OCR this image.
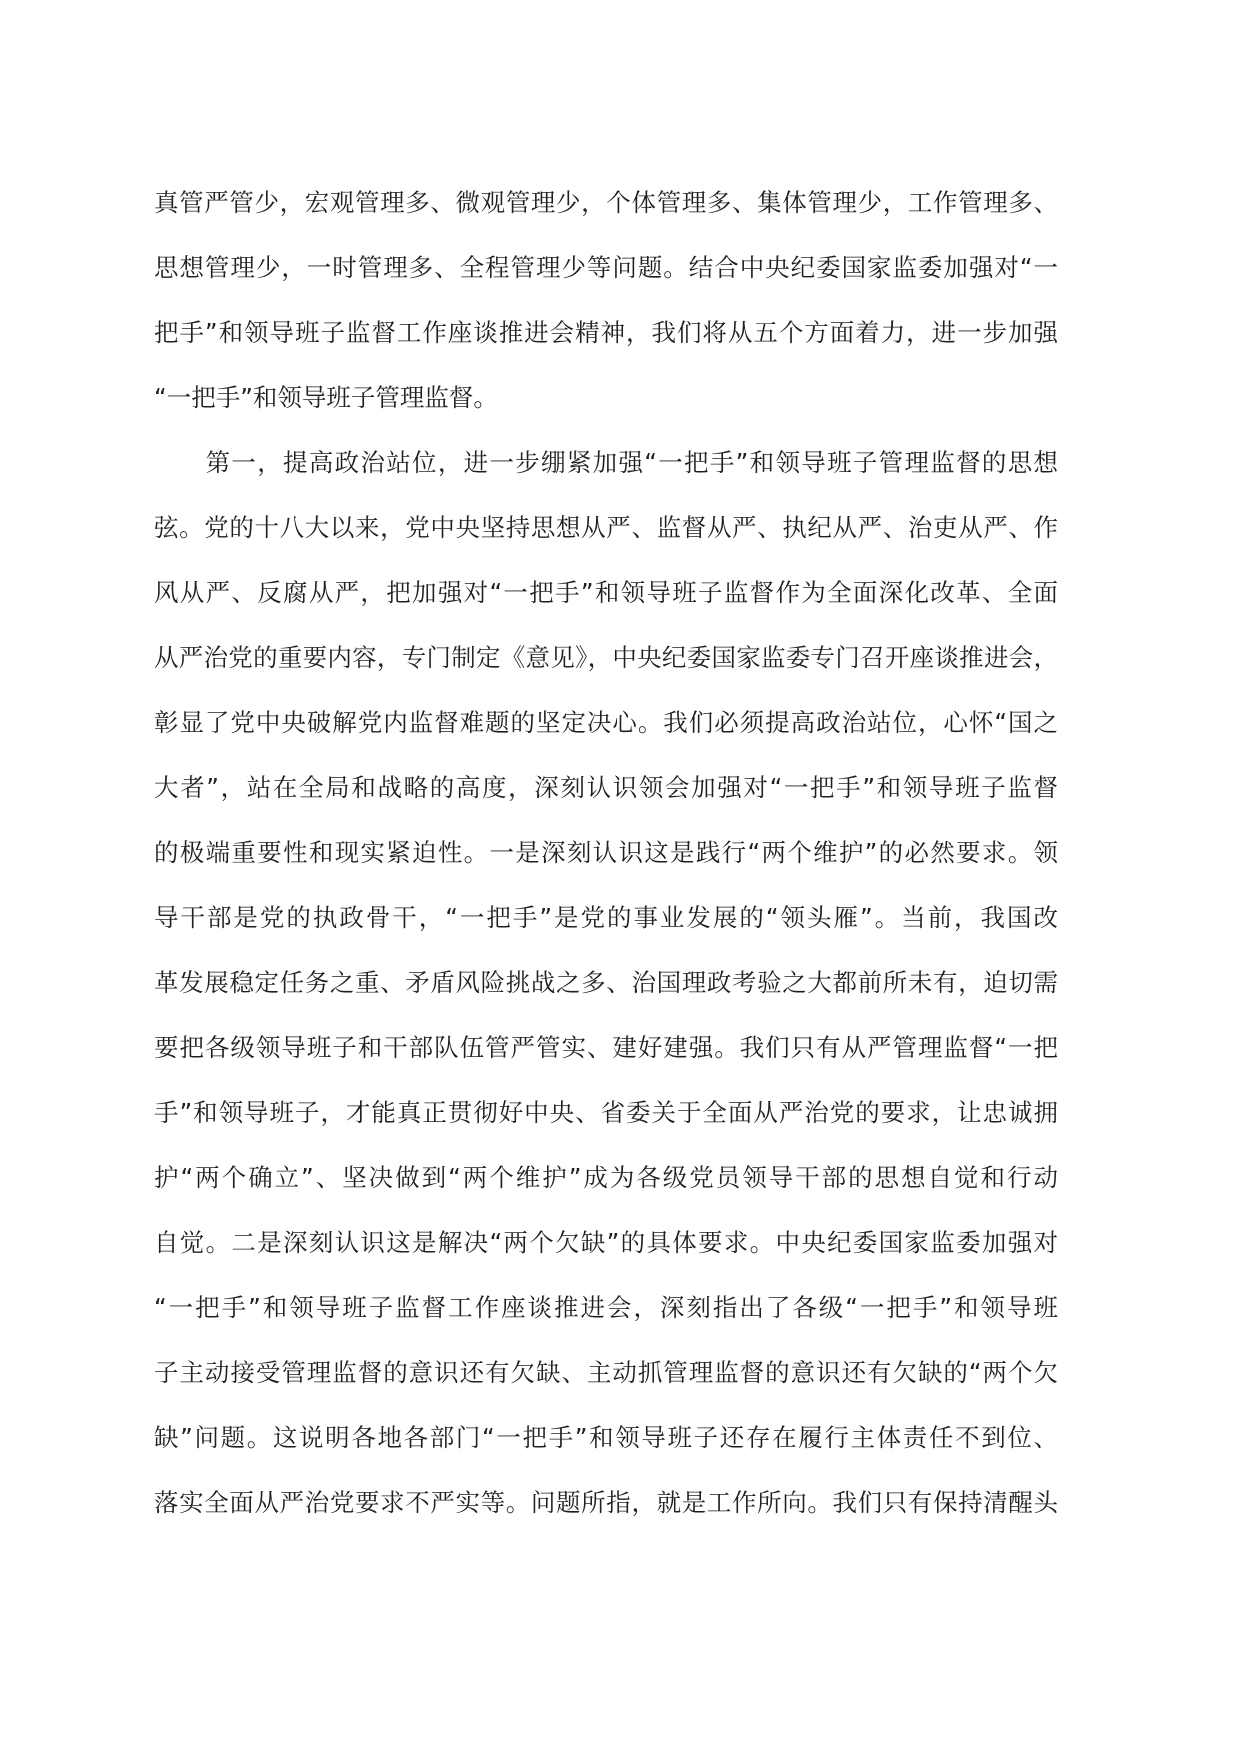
真管严管少，宏观管理多、微观管理少，个体管理多、集体管理少，工作管理多、
思想管理少，一时管理多、全程管理少等问题。结合中央纪委国家监委加强对“一
把手”和领导班子监督工作座谈推进会精神，我们将从五个方面着力，进一步加强
“一把手”和领导班子管理监督。
　　第一，提高政治站位，进一步绷紧加强“一把手”和领导班子管理监督的思想
弦。党的十八大以来，党中央坚持思想从严、监督从严、执纪从严、治吏从严、作
风从严、反腐从严，把加强对“一把手”和领导班子监督作为全面深化改革、全面
从严治党的重要内容，专门制定《意见》，中央纪委国家监委专门召开座谈推进会，
彰显了党中央破解党内监督难题的坚定决心。我们必须提高政治站位，心怀“国之
大者”，站在全局和战略的高度，深刻认识领会加强对“一把手”和领导班子监督
的极端重要性和现实紧迫性。一是深刻认识这是践行“两个维护”的必然要求。领
导干部是党的执政骨干，“一把手”是党的事业发展的“领头雁”。当前，我国改
革发展稳定任务之重、矛盾风险挑战之多、治国理政考验之大都前所未有，迫切需
要把各级领导班子和干部队伍管严管实、建好建强。我们只有从严管理监督“一把
手”和领导班子，才能真正贯彻好中央、省委关于全面从严治党的要求，让忠诚拥
护“两个确立”、坚决做到“两个维护”成为各级党员领导干部的思想自觉和行动
自觉。二是深刻认识这是解决“两个欠缺”的具体要求。中央纪委国家监委加强对
“一把手”和领导班子监督工作座谈推进会，深刻指出了各级“一把手”和领导班
子主动接受管理监督的意识还有欠缺、主动抓管理监督的意识还有欠缺的“两个欠
缺”问题。这说明各地各部门“一把手”和领导班子还存在履行主体责任不到位、
落实全面从严治党要求不严实等。问题所指，就是工作所向。我们只有保持清醒头
